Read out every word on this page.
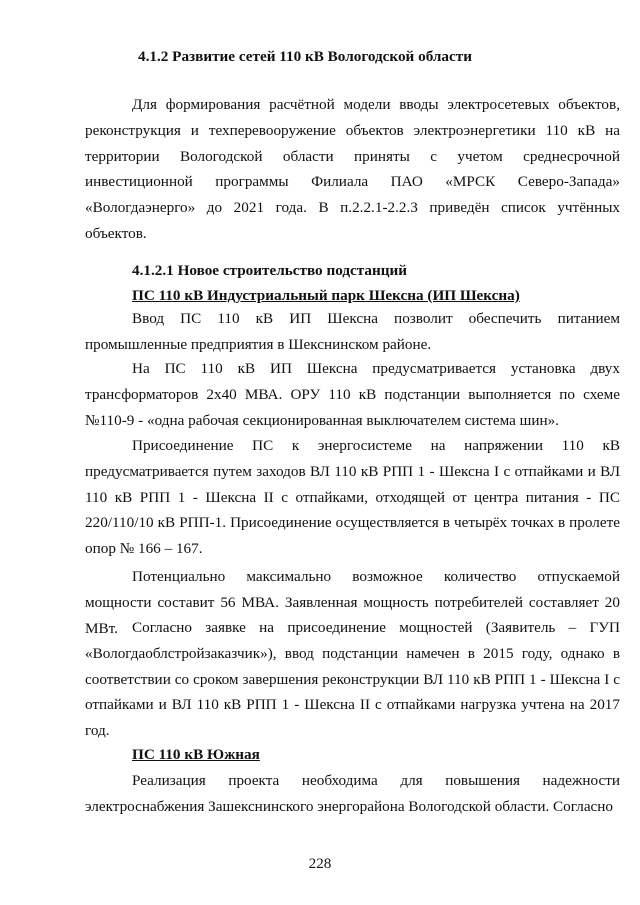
4.1.2 Развитие сетей 110 кВ Вологодской области
Для формирования расчётной модели вводы электросетевых объектов, реконструкция и техперевооружение объектов электроэнергетики 110 кВ на территории Вологодской области приняты с учетом среднесрочной инвестиционной программы Филиала ПАО «МРСК Северо-Запада» «Вологдаэнерго» до 2021 года. В п.2.2.1-2.2.3 приведён список учтённых объектов.
4.1.2.1 Новое строительство подстанций
ПС 110 кВ Индустриальный парк Шексна (ИП Шексна)
Ввод ПС 110 кВ ИП Шексна позволит обеспечить питанием промышленные предприятия в Шекснинском районе.
На ПС 110 кВ ИП Шексна предусматривается установка двух трансформаторов 2х40 МВА. ОРУ 110 кВ подстанции выполняется по схеме №110-9 - «одна рабочая секционированная выключателем система шин».
Присоединение ПС к энергосистеме на напряжении 110 кВ предусматривается путем заходов ВЛ 110 кВ РПП 1 - Шексна I с отпайками и ВЛ 110 кВ РПП 1 - Шексна II с отпайками, отходящей от центра питания - ПС 220/110/10 кВ РПП-1. Присоединение осуществляется в четырёх точках в пролете опор № 166 – 167.
Потенциально максимально возможное количество отпускаемой мощности составит 56 МВА. Заявленная мощность потребителей составляет 20 МВт. Согласно заявке на присоединение мощностей (Заявитель – ГУП «Вологдаоблстройзаказчик»), ввод подстанции намечен в 2015 году, однако в соответствии со сроком завершения реконструкции ВЛ 110 кВ РПП 1 - Шексна I с отпайками и ВЛ 110 кВ РПП 1 - Шексна II с отпайками нагрузка учтена на 2017 год.
ПС 110 кВ Южная
Реализация проекта необходима для повышения надежности электроснабжения Зашекснинского энергорайона Вологодской области. Согласно
228
